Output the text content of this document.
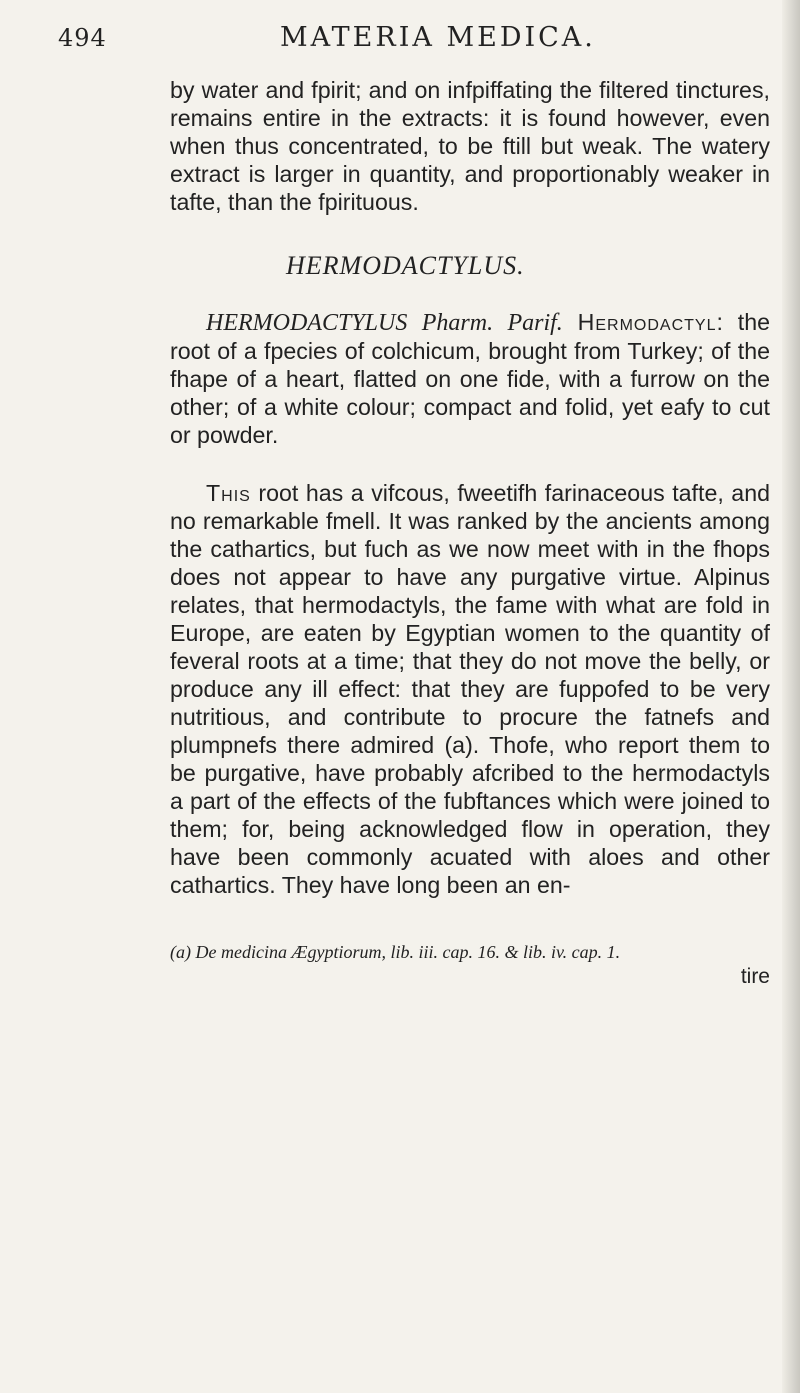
494	MATERIA MEDICA.

by water and fpirit; and on infpiffating the filtered tinctures, remains entire in the extracts: it is found however, even when thus concentrated, to be ftill but weak. The watery extract is larger in quantity, and proportionably weaker in tafte, than the fpirituous.

HERMODACTYLUS.

HERMODACTYLUS Pharm. Parif. Hermodactyl: the root of a fpecies of colchicum, brought from Turkey; of the fhape of a heart, flatted on one fide, with a furrow on the other; of a white colour; compact and folid, yet eafy to cut or powder.

This root has a vifcous, fweetifh farinaceous tafte, and no remarkable fmell. It was ranked by the ancients among the cathartics, but fuch as we now meet with in the fhops does not appear to have any purgative virtue. Alpinus relates, that hermodactyls, the fame with what are fold in Europe, are eaten by Egyptian women to the quantity of feveral roots at a time; that they do not move the belly, or produce any ill effect: that they are fuppofed to be very nutritious, and contribute to procure the fatnefs and plumpnefs there admired (a). Thofe, who report them to be purgative, have probably afcribed to the hermodactyls a part of the effects of the fubftances which were joined to them; for, being acknowledged flow in operation, they have been commonly acuated with aloes and other cathartics. They have long been an en-

(a) De medicina Ægyptiorum, lib. iii. cap. 16. & lib. iv. cap. 1.
tire
